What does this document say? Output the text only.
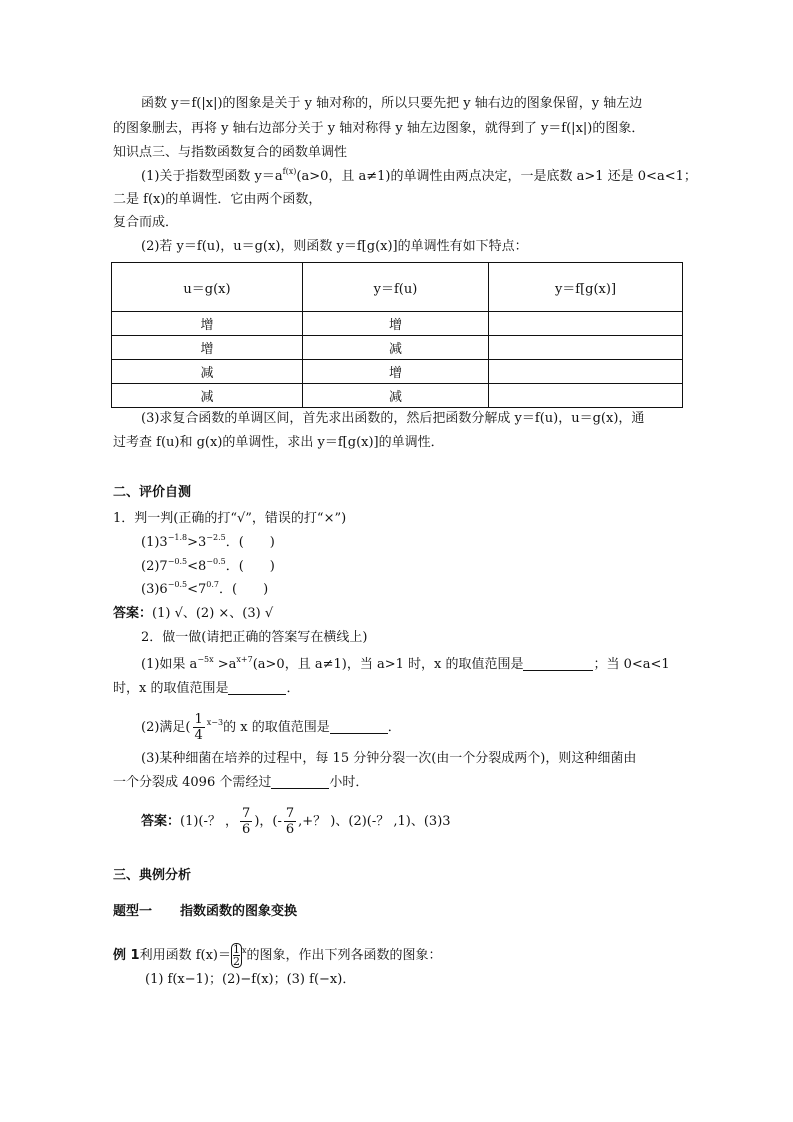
函数 y＝f(|x|)的图象是关于 y 轴对称的，所以只要先把 y 轴右边的图象保留，y 轴左边
的图象删去，再将 y 轴右边部分关于 y 轴对称得 y 轴左边图象，就得到了 y＝f(|x|)的图象．
知识点三、与指数函数复合的函数单调性
(1)关于指数型函数 $y=a^{f(x)}(a>0$，且 a≠1)的单调性由两点决定，一是底数 a>1 还是 0<a<1；
二是 f(x)的单调性．它由两个函数，
复合而成．
(2)若 y＝f(u)，u＝g(x)，则函数 y＝f[g(x)]的单调性有如下特点：
u＝g(x)	y＝f(u)	y＝f[g(x)]
增	增	
增	减	
减	增	
减	减	
(3)求复合函数的单调区间，首先求出函数的，然后把函数分解成 y＝f(u)，u＝g(x)，通
过考查 f(u)和 g(x)的单调性，求出 y＝f[g(x)]的单调性．
二、评价自测
1．判一判(正确的打“√”，错误的打“×”)
$(1)3^{-1.8}>3^{-2.5}$．(　　)
$(2)7^{-0.5}<8^{-0.5}$．(　　)
$(3)6^{-0.5}<7^{0.7}$．(　　)
答案：(1) √、(2) ×、(3) √
2．做一做(请把正确的答案写在横线上)
(1)如果 $a^{-5x} >a^{x+7}(a>0$，且 a≠1)，当 a>1 时，x 的取值范围是	；当 0<a<1
时，x 的取值范围是	．
(2)满足( $\frac{1}{4} ^{x-3}$的 x 的取值范围是	．
(3)某种细菌在培养的过程中，每 15 分钟分裂一次(由一个分裂成两个)，则这种细菌由
一个分裂成 4096 个需经过	小时．
答案：(1)(-？ ， $\frac{7}{6}$ )，(- $\frac{7}{6}$ ,+？ )、(2)(-？ ,1)、(3)3
三、典例分析
题型一 指数函数的图象变换
例 1利用函数 $f(x)= \frac{1}{2} ^x$的图象，作出下列各函数的图象：
(1) f(x−1)；(2)−f(x)；(3) f(−x)．
